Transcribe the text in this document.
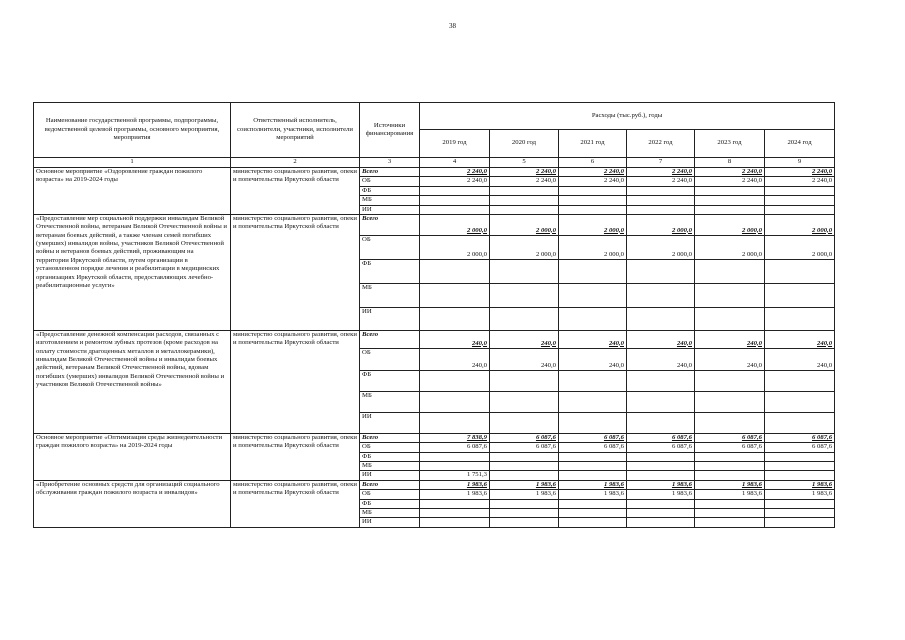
38
Наименование государственной программы, подпрограммы, ведомственной целевой программы, основного мероприятия, мероприятия	Ответственный исполнитель, соисполнители, участники, исполнители мероприятий	Источники финансирования	Расходы (тыс.руб.), годы					
			2019 год	2020 год	2021 год	2022 год	2023 год	2024 год
1	2	3	4	5	6	7	8	9
Основное мероприятие «Оздоровление граждан пожилого возраста» на 2019-2024 годы	министерство социального развития, опеки и попечительства Иркутской области	Всего	2 240,0	2 240,0	2 240,0	2 240,0	2 240,0	2 240,0
		ОБ	2 240,0	2 240,0	2 240,0	2 240,0	2 240,0	2 240,0
		ФБ						
		МБ						
		ИИ						
«Предоставление мер социальной поддержки инвалидам Великой Отечественной войны, ветеранам Великой Отечественной войны и ветеранам боевых действий, а также членам семей погибших (умерших) инвалидов войны, участников Великой Отечественной войны и ветеранов боевых действий, проживающим на территории Иркутской области, путем организации в установленном порядке лечения и реабилитации в медицинских организациях Иркутской области, предоставляющих лечебно-реабилитационные услуги»	министерство социального развития, опеки и попечительства Иркутской области	Всего	2 000,0	2 000,0	2 000,0	2 000,0	2 000,0	2 000,0
		ОБ	2 000,0	2 000,0	2 000,0	2 000,0	2 000,0	2 000,0
		ФБ						
		МБ						
		ИИ						
«Предоставление денежной компенсации расходов, связанных с изготовлением и ремонтом зубных протезов (кроме расходов на оплату стоимости драгоценных металлов и металлокерамики), инвалидам Великой Отечественной войны и инвалидам боевых действий, ветеранам Великой Отечественной войны, вдовам погибших (умерших) инвалидов Великой Отечественной войны и участников Великой Отечественной войны»	министерство социального развития, опеки и попечительства Иркутской области	Всего	240,0	240,0	240,0	240,0	240,0	240,0
		ОБ	240,0	240,0	240,0	240,0	240,0	240,0
		ФБ						
		МБ						
		ИИ						
Основное мероприятие «Оптимизация среды жизнедеятельности граждан пожилого возраста» на 2019-2024 годы	министерство социального развития, опеки и попечительства Иркутской области	Всего	7 838,9	6 087,6	6 087,6	6 087,6	6 087,6	6 087,6
		ОБ	6 087,6	6 087,6	6 087,6	6 087,6	6 087,6	6 087,6
		ФБ						
		МБ						
		ИИ	1 751,3					
«Приобретение основных средств для организаций социального обслуживания граждан пожилого возраста и инвалидов»	министерство социального развития, опеки и попечительства Иркутской области	Всего	1 983,6	1 983,6	1 983,6	1 983,6	1 983,6	1 983,6
		ОБ	1 983,6	1 983,6	1 983,6	1 983,6	1 983,6	1 983,6
		ФБ						
		МБ						
		ИИ						
